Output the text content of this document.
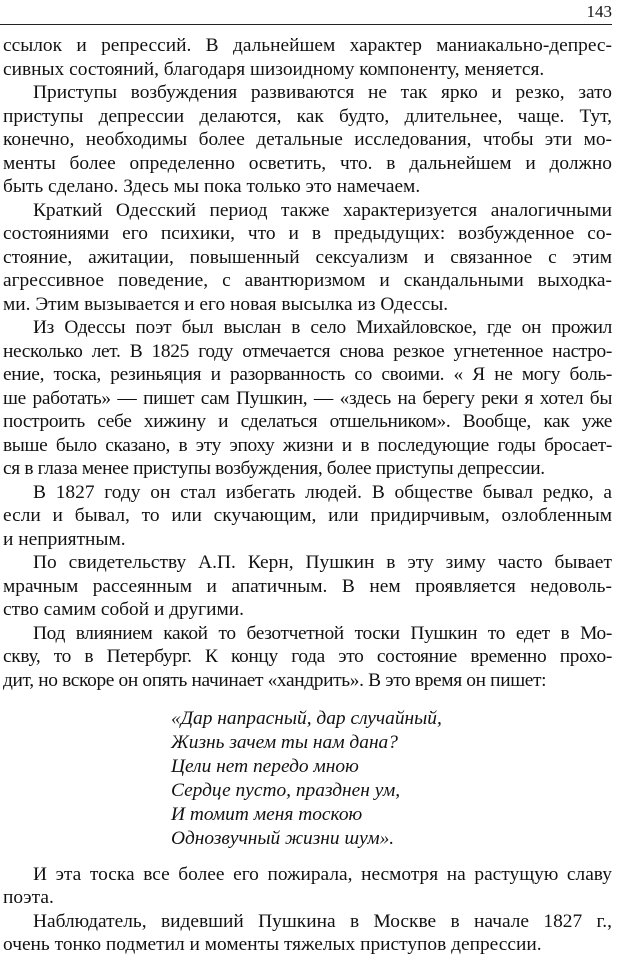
143

ссылок и репрессий. В дальнейшем характер маниакально-депрес-
сивных состояний, благодаря шизоидному компоненту, меняется.

Приступы возбуждения развиваются не так ярко и резко, зато
приступы депрессии делаются, как будто, длительнее, чаще. Тут,
конечно, необходимы более детальные исследования, чтобы эти мо-
менты более определенно осветить, что. в дальнейшем и должно
быть сделано. Здесь мы пока только это намечаем.

Краткий Одесский период также характеризуется аналогичными
состояниями его психики, что и в предыдущих: возбужденное со-
стояние, ажитации, повышенный сексуализм и связанное с этим
агрессивное поведение, с авантюризмом и скандальными выходка-
ми. Этим вызывается и его новая высылка из Одессы.

Из Одессы поэт был выслан в село Михайловское, где он прожил
несколько лет. В 1825 году отмечается снова резкое угнетенное настро-
ение, тоска, резиньяция и разорванность со своими. « Я не могу боль-
ше работать» — пишет сам Пушкин, — «здесь на берегу реки я хотел бы
построить себе хижину и сделаться отшельником». Вообще, как уже
выше было сказано, в эту эпоху жизни и в последующие годы бросает-
ся в глаза менее приступы возбуждения, более приступы депрессии.

В 1827 году он стал избегать людей. В обществе бывал редко, а
если и бывал, то или скучающим, или придирчивым, озлобленным
и неприятным.

По свидетельству А.П. Керн, Пушкин в эту зиму часто бывает
мрачным рассеянным и апатичным. В нем проявляется недоволь-
ство самим собой и другими.

Под влиянием какой то безотчетной тоски Пушкин то едет в Мо-
скву, то в Петербург. К концу года это состояние временно прохо-
дит, но вскоре он опять начинает «хандрить». В это время он пишет:

«Дар напрасный, дар случайный,
Жизнь зачем ты нам дана?
Цели нет передо мною
Сердце пусто, празднен ум,
И томит меня тоскою
Однозвучный жизни шум».

И эта тоска все более его пожирала, несмотря на растущую славу
поэта.

Наблюдатель, видевший Пушкина в Москве в начале 1827 г.,
очень тонко подметил и моменты тяжелых приступов депрессии.
